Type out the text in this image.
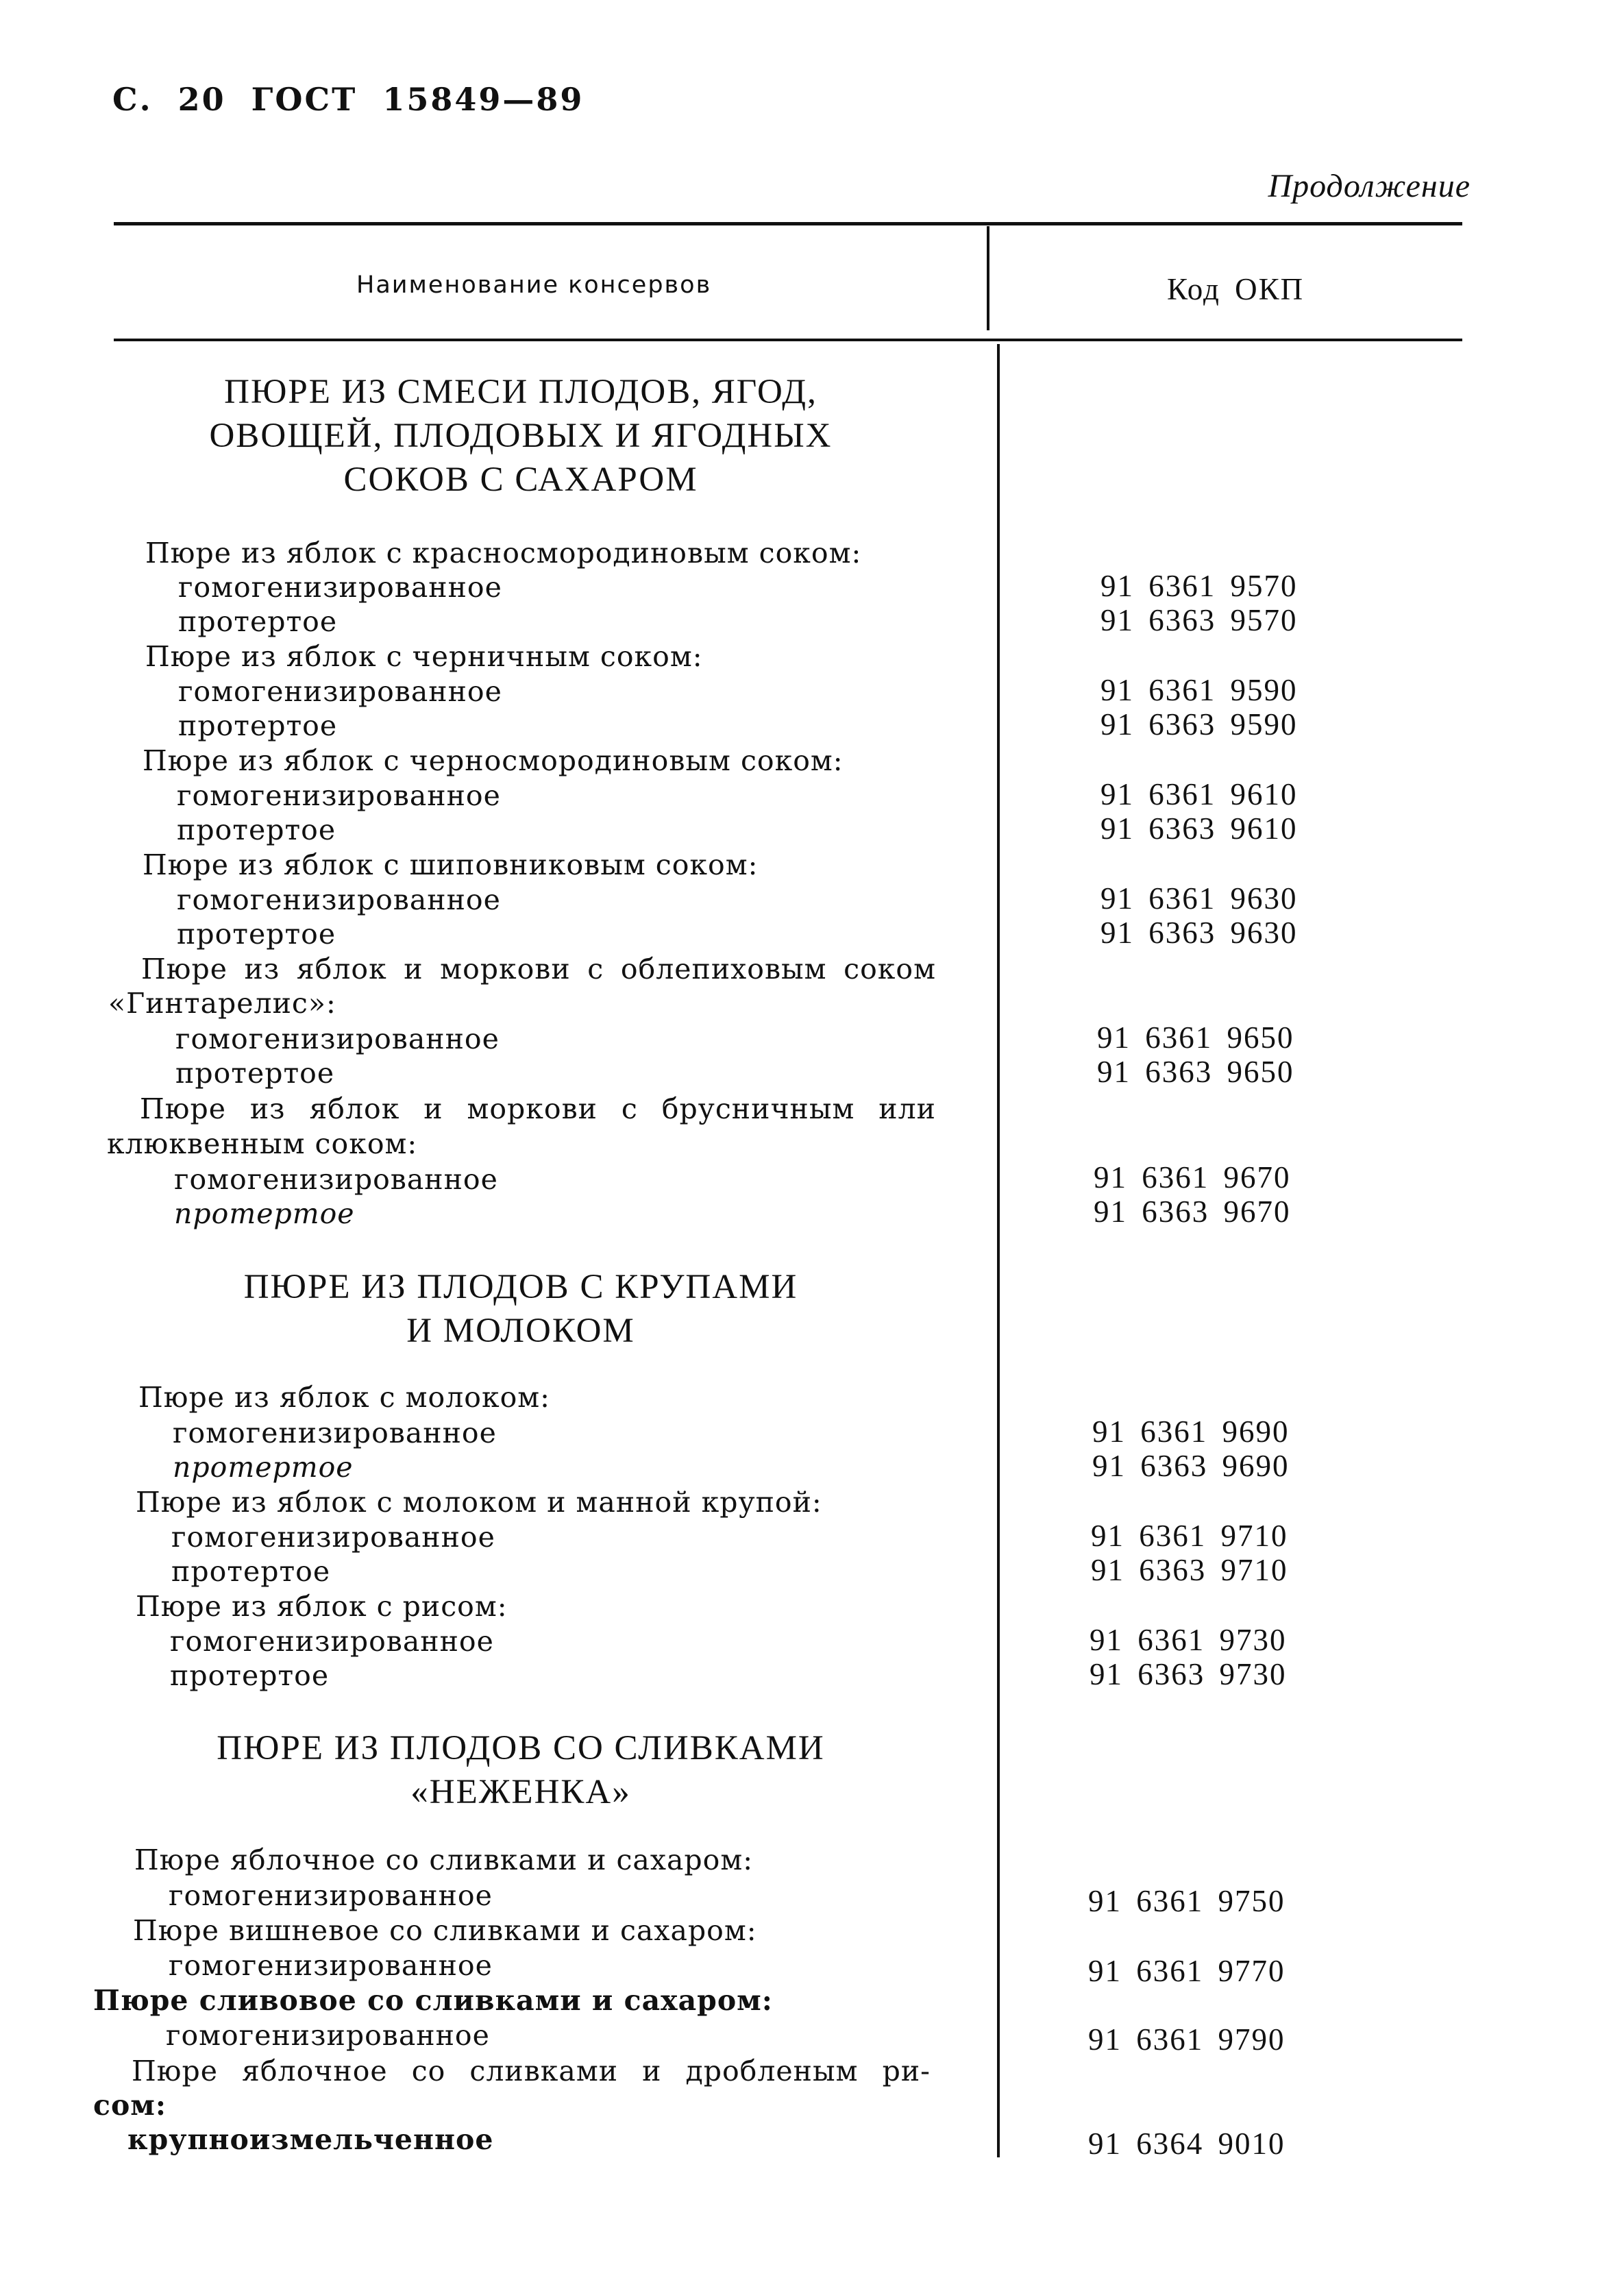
С. 20 ГОСТ 15849—89
Продолжение
Наименование консервов	Код ОКП
ПЮРЕ ИЗ СМЕСИ ПЛОДОВ, ЯГОД,
ОВОЩЕЙ, ПЛОДОВЫХ И ЯГОДНЫХ
СОКОВ С САХАРОМ
Пюре из яблок с красносмородиновым соком:
гомогенизированное	91 6361 9570
протертое	91 6363 9570
Пюре из яблок с черничным соком:
гомогенизированное	91 6361 9590
протертое	91 6363 9590
Пюре из яблок с черносмородиновым соком:
гомогенизированное	91 6361 9610
протертое	91 6363 9610
Пюре из яблок с шиповниковым соком:
гомогенизированное	91 6361 9630
протертое	91 6363 9630
Пюре из яблок и моркови с облепиховым соком
«Гинтарелис»:
гомогенизированное	91 6361 9650
протертое	91 6363 9650
Пюре из яблок и моркови с брусничным или
клюквенным соком:
гомогенизированное	91 6361 9670
протертое	91 6363 9670
ПЮРЕ ИЗ ПЛОДОВ С КРУПАМИ
И МОЛОКОМ
Пюре из яблок с молоком:
гомогенизированное	91 6361 9690
протертое	91 6363 9690
Пюре из яблок с молоком и манной крупой:
гомогенизированное	91 6361 9710
протертое	91 6363 9710
Пюре из яблок с рисом:
гомогенизированное	91 6361 9730
протертое	91 6363 9730
ПЮРЕ ИЗ ПЛОДОВ СО СЛИВКАМИ
«НЕЖЕНКА»
Пюре яблочное со сливками и сахаром:
гомогенизированное	91 6361 9750
Пюре вишневое со сливками и сахаром:
гомогенизированное	91 6361 9770
Пюре сливовое со сливками и сахаром:
гомогенизированное	91 6361 9790
Пюре яблочное со сливками и дробленым ри-
сом:
крупноизмельченное	91 6364 9010
